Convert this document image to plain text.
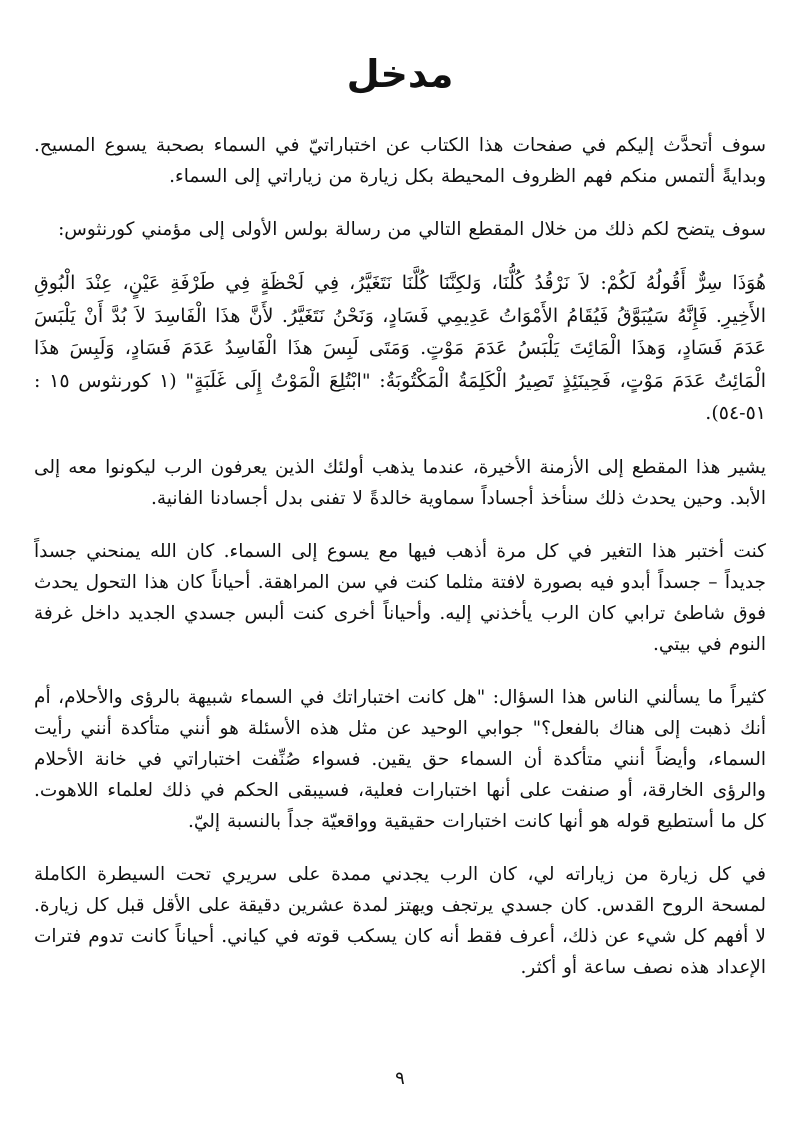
مدخل

سوف أتحدَّث إليكم في صفحات هذا الكتاب عن اختباراتيّ في السماء بصحبة يسوع المسيح. وبدايةً ألتمس منكم فهم الظروف المحيطة بكل زيارة من زياراتي إلى السماء.

سوف يتضح لكم ذلك من خلال المقطع التالي من رسالة بولس الأولى إلى مؤمني كورنثوس:

هُوَذَا سِرٌّ أَقُولُهُ لَكُمْ: لاَ نَرْقُدُ كُلُّنَا، وَلكِنَّنَا كُلَّنَا نَتَغَيَّرُ، فِي لَحْظَةٍ فِي طَرْفَةِ عَيْنٍ، عِنْدَ الْبُوقِ الأَخِيرِ. فَإِنَّهُ سَيُبَوَّقُ فَيُقَامُ الأَمْوَاتُ عَدِيمِي فَسَادٍ، وَنَحْنُ نَتَغَيَّرُ. لأَنَّ هذَا الْفَاسِدَ لاَ بُدَّ أَنْ يَلْبَسَ عَدَمَ فَسَادٍ، وَهذَا الْمَائِتَ يَلْبَسُ عَدَمَ مَوْتٍ. وَمَتَى لَبِسَ هذَا الْفَاسِدُ عَدَمَ فَسَادٍ، وَلَبِسَ هذَا الْمَائِتُ عَدَمَ مَوْتٍ، فَحِينَئِذٍ تَصِيرُ الْكَلِمَةُ الْمَكْتُوبَةُ: "ابْتُلِعَ الْمَوْتُ إِلَى غَلَبَةٍ" (١ كورنثوس ١٥ : ٥١-٥٤).

يشير هذا المقطع إلى الأزمنة الأخيرة، عندما يذهب أولئك الذين يعرفون الرب ليكونوا معه إلى الأبد. وحين يحدث ذلك سنأخذ أجساداً سماوية خالدةً لا تفنى بدل أجسادنا الفانية.

كنت أختبر هذا التغير في كل مرة أذهب فيها مع يسوع إلى السماء. كان الله يمنحني جسداً جديداً – جسداً أبدو فيه بصورة لافتة مثلما كنت في سن المراهقة. أحياناً كان هذا التحول يحدث فوق شاطئ ترابي كان الرب يأخذني إليه. وأحياناً أخرى كنت ألبس جسدي الجديد داخل غرفة النوم في بيتي.

كثيراً ما يسألني الناس هذا السؤال: "هل كانت اختباراتك في السماء شبيهة بالرؤى والأحلام، أم أنك ذهبت إلى هناك بالفعل؟" جوابي الوحيد عن مثل هذه الأسئلة هو أنني متأكدة أنني رأيت السماء، وأيضاً أنني متأكدة أن السماء حق يقين. فسواء صُنِّفت اختباراتي في خانة الأحلام والرؤى الخارقة، أو صنفت على أنها اختبارات فعلية، فسيبقى الحكم في ذلك لعلماء اللاهوت. كل ما أستطيع قوله هو أنها كانت اختبارات حقيقية وواقعيّة جداً بالنسبة إليّ.

في كل زيارة من زياراته لي، كان الرب يجدني ممدة على سريري تحت السيطرة الكاملة لمسحة الروح القدس. كان جسدي يرتجف ويهتز لمدة عشرين دقيقة على الأقل قبل كل زيارة. لا أفهم كل شيء عن ذلك، أعرف فقط أنه كان يسكب قوته في كياني. أحياناً كانت تدوم فترات الإعداد هذه نصف ساعة أو أكثر.

٩
